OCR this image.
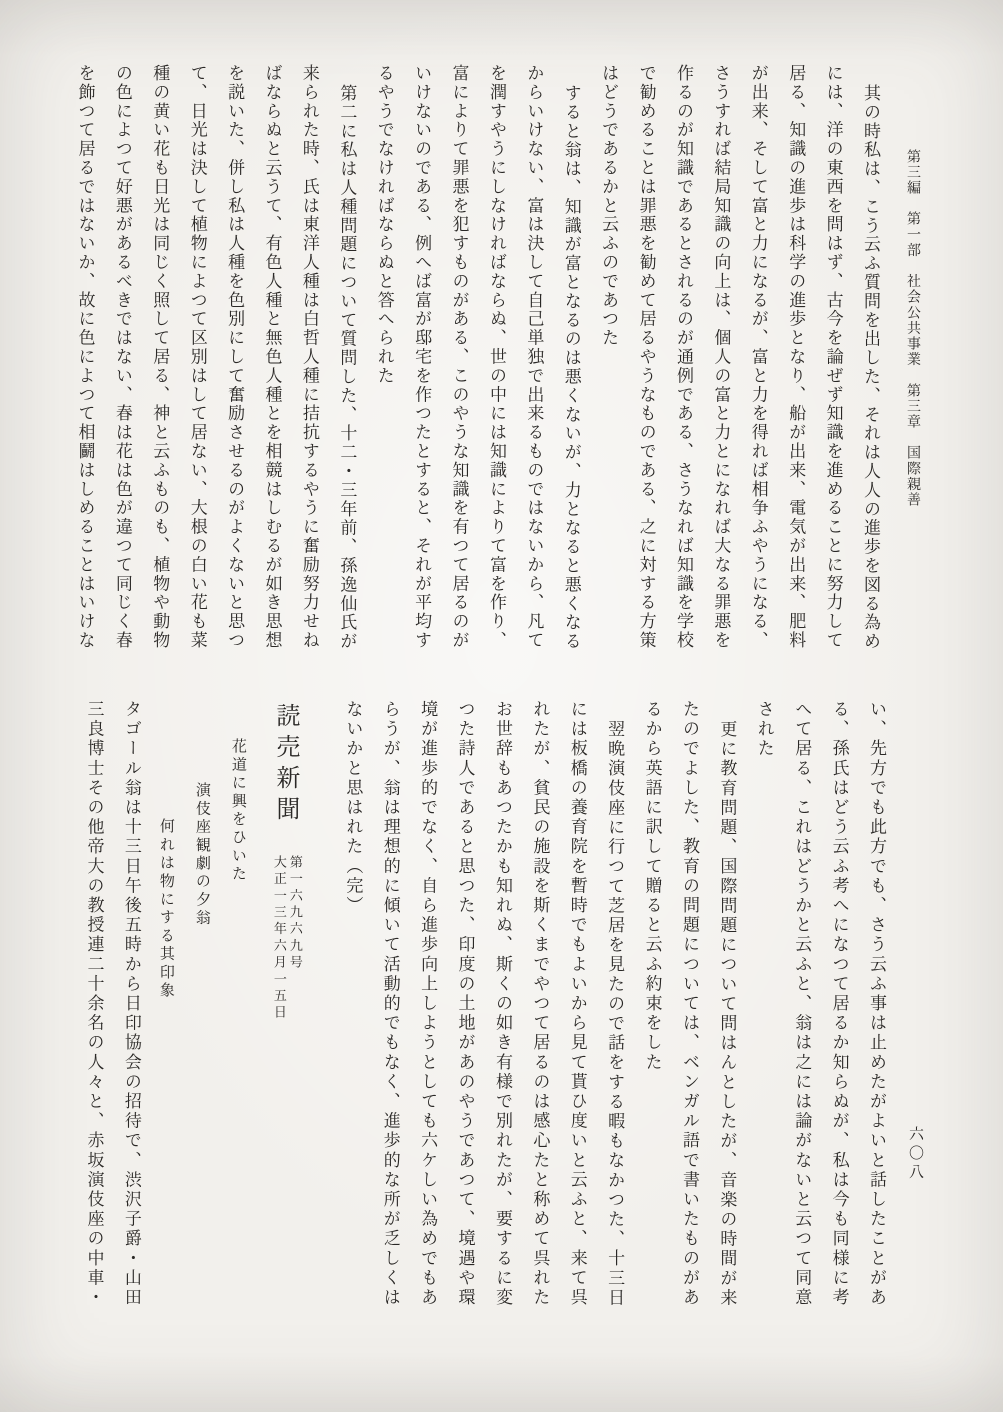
第三編　第一部　社会公共事業　第三章　国際親善

其の時私は、こう云ふ質問を出した、それは人人の進歩を図る為めには、洋の東西を問はず、古今を論ぜず知識を進めることに努力して居る、知識の進歩は科学の進歩となり、船が出来、電気が出来、肥料が出来、そして富と力になるが、富と力を得れば相争ふやうになる、さうすれば結局知識の向上は、個人の富と力とになれば大なる罪悪を作るのが知識であるとされるのが通例である、さうなれば知識を学校で勧めることは罪悪を勧めて居るやうなものである、之に対する方策はどうであるかと云ふのであつた

すると翁は、知識が富となるのは悪くないが、力となると悪くなるからいけない、富は決して自己単独で出来るものではないから、凡てを潤すやうにしなければならぬ、世の中には知識によりて富を作り、富によりて罪悪を犯すものがある、このやうな知識を有つて居るのがいけないのである、例へば富が邸宅を作つたとすると、それが平均するやうでなければならぬと答へられた

第二に私は人種問題について質問した、十二・三年前、孫逸仙氏が来られた時、氏は東洋人種は白哲人種に拮抗するやうに奮励努力せねばならぬと云うて、有色人種と無色人種とを相競はしむるが如き思想を説いた、併し私は人種を色別にして奮励させるのがよくないと思つて、日光は決して植物によつて区別はして居ない、大根の白い花も菜種の黄い花も日光は同じく照して居る、神と云ふものも、植物や動物の色によつて好悪があるべきではない、春は花は色が違つて同じく春を飾つて居るではないか、故に色によつて相鬭はしめることはいけな

い、先方でも此方でも、さう云ふ事は止めたがよいと話したことがある、孫氏はどう云ふ考へになつて居るか知らぬが、私は今も同様に考へて居る、これはどうかと云ふと、翁は之には論がないと云つて同意された

更に教育問題、国際問題について問はんとしたが、音楽の時間が来たのでよした、教育の問題については、ベンガル語で書いたものがあるから英語に訳して贈ると云ふ約束をした

翌晩演伎座に行つて芝居を見たので話をする暇もなかつた、十三日には板橋の養育院を暫時でもよいから見て貰ひ度いと云ふと、来て呉れたが、貧民の施設を斯くまでやつて居るのは感心たと称めて呉れたお世辞もあつたかも知れぬ、斯くの如き有様で別れたが、要するに変つた詩人であると思つた、印度の土地があのやうであつて、境遇や環境が進歩的でなく、自ら進歩向上しようとしても六ケしい為めでもあらうが、翁は理想的に傾いて活動的でもなく、進歩的な所が乏しくはないかと思はれた（完）

読売新聞
第一六九六九号
大正一三年六月一五日
花道に興をひいた
演伎座観劇の夕翁
何れは物にする其印象

タゴール翁は十三日午後五時から日印協会の招待で、渋沢子爵・山田三良博士その他帝大の教授連二十余名の人々と、赤坂演伎座の中車・	六〇八
